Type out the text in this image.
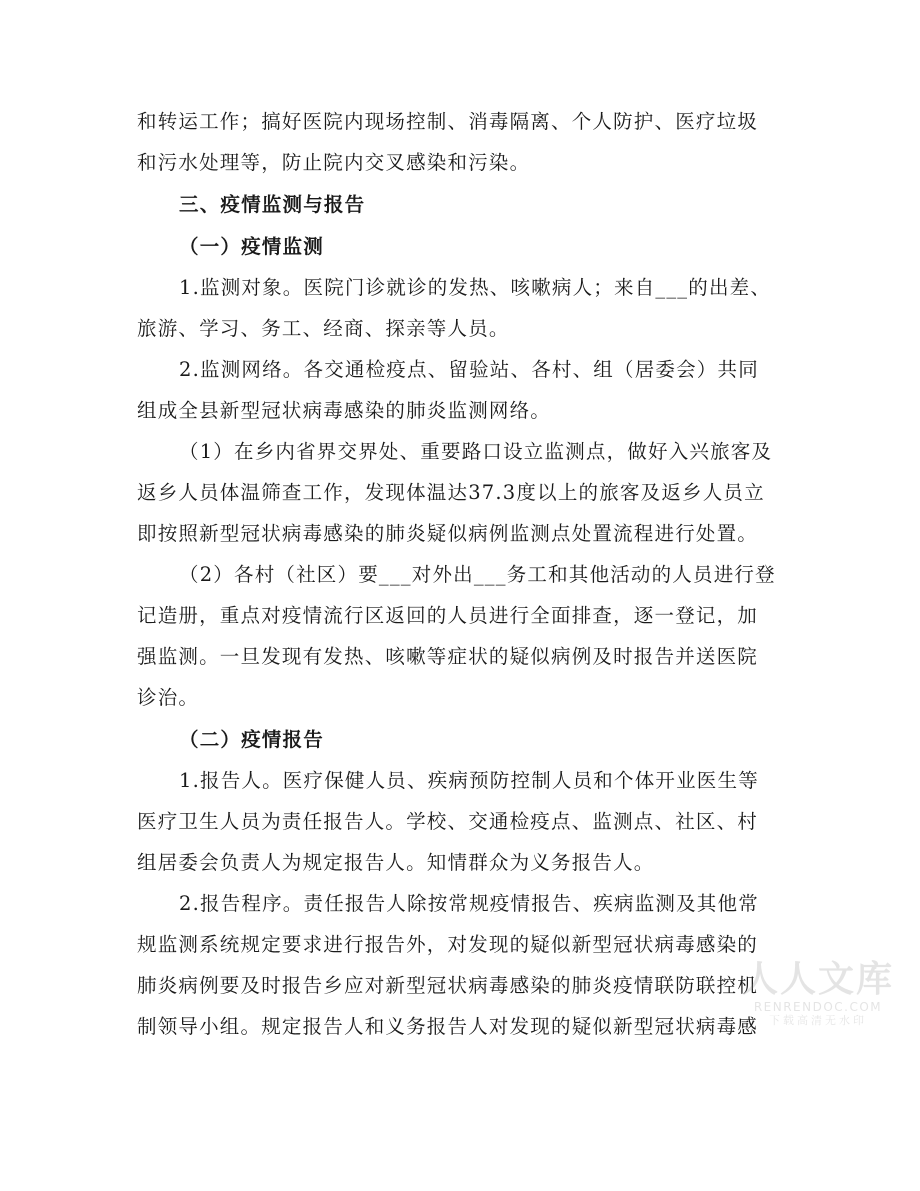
和转运工作；搞好医院内现场控制、消毒隔离、个人防护、医疗垃圾
和污水处理等，防止院内交叉感染和污染。
三、疫情监测与报告
（一）疫情监测
1.监测对象。医院门诊就诊的发热、咳嗽病人；来自___的出差、
旅游、学习、务工、经商、探亲等人员。
2.监测网络。各交通检疫点、留验站、各村、组（居委会）共同
组成全县新型冠状病毒感染的肺炎监测网络。
（1）在乡内省界交界处、重要路口设立监测点，做好入兴旅客及
返乡人员体温筛查工作，发现体温达37.3度以上的旅客及返乡人员立
即按照新型冠状病毒感染的肺炎疑似病例监测点处置流程进行处置。
（2）各村（社区）要___对外出___务工和其他活动的人员进行登
记造册，重点对疫情流行区返回的人员进行全面排查，逐一登记，加
强监测。一旦发现有发热、咳嗽等症状的疑似病例及时报告并送医院
诊治。
（二）疫情报告
1.报告人。医疗保健人员、疾病预防控制人员和个体开业医生等
医疗卫生人员为责任报告人。学校、交通检疫点、监测点、社区、村
组居委会负责人为规定报告人。知情群众为义务报告人。
2.报告程序。责任报告人除按常规疫情报告、疾病监测及其他常
规监测系统规定要求进行报告外，对发现的疑似新型冠状病毒感染的
肺炎病例要及时报告乡应对新型冠状病毒感染的肺炎疫情联防联控机
制领导小组。规定报告人和义务报告人对发现的疑似新型冠状病毒感
人人文库
RENRENDOC.COM
下载高清无水印
